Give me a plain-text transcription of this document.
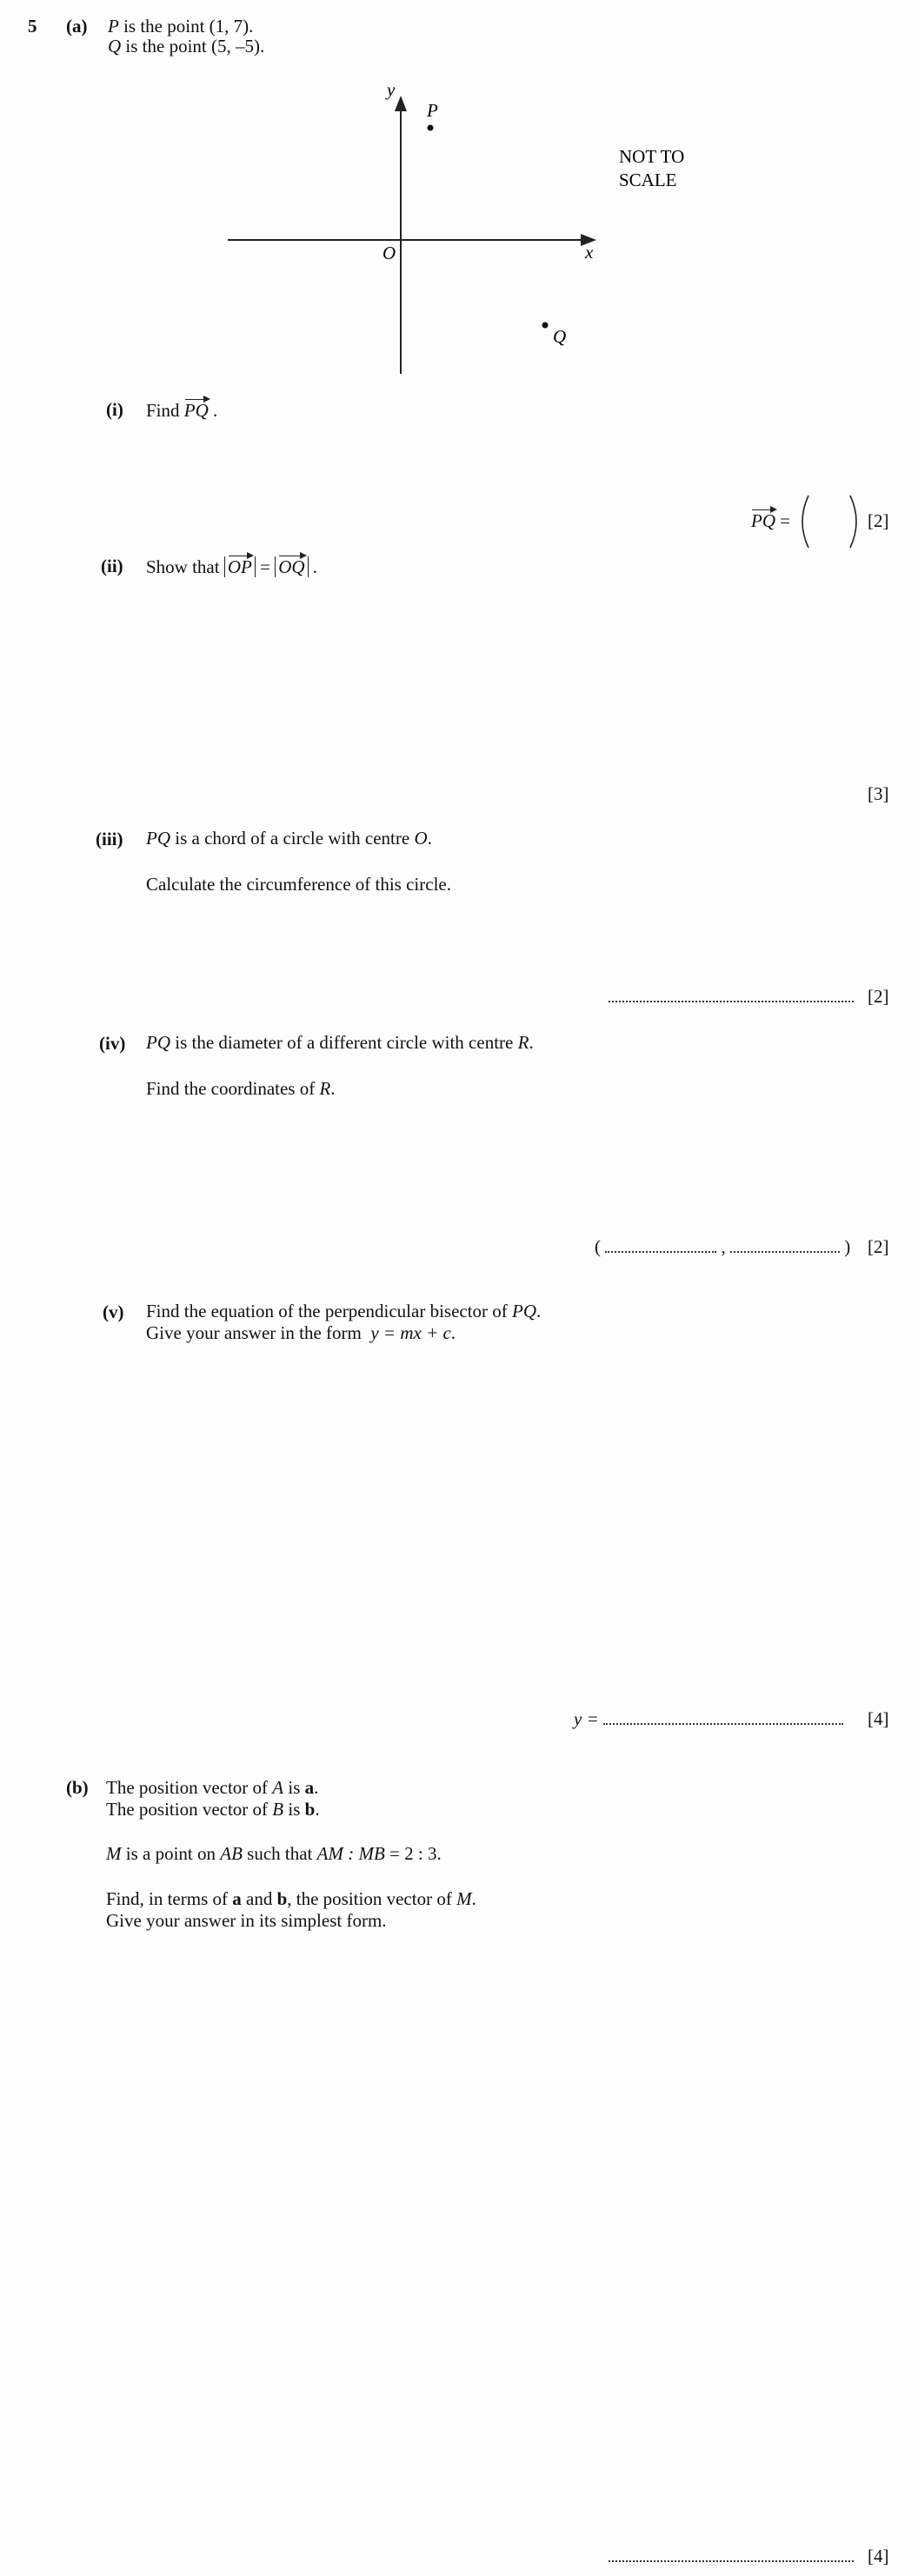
5 (a) P is the point (1, 7).
Q is the point (5, –5).
y
x
O
P
Q
NOT TO
SCALE
(i) Find PQ .
PQ =	[2]
(ii) Show that OP = OQ .
[3]
(iii) PQ is a chord of a circle with centre O.
Calculate the circumference of this circle.
[2]
(iv) PQ is the diameter of a different circle with centre R.
Find the coordinates of R.
(	,	) [2]
(v) Find the equation of the perpendicular bisector of PQ.
Give your answer in the form  y = mx + c.
y =	[4]
(b) The position vector of A is a.
The position vector of B is b.
M is a point on AB such that AM : MB = 2 : 3.
Find, in terms of a and b, the position vector of M.
Give your answer in its simplest form.
[4]
